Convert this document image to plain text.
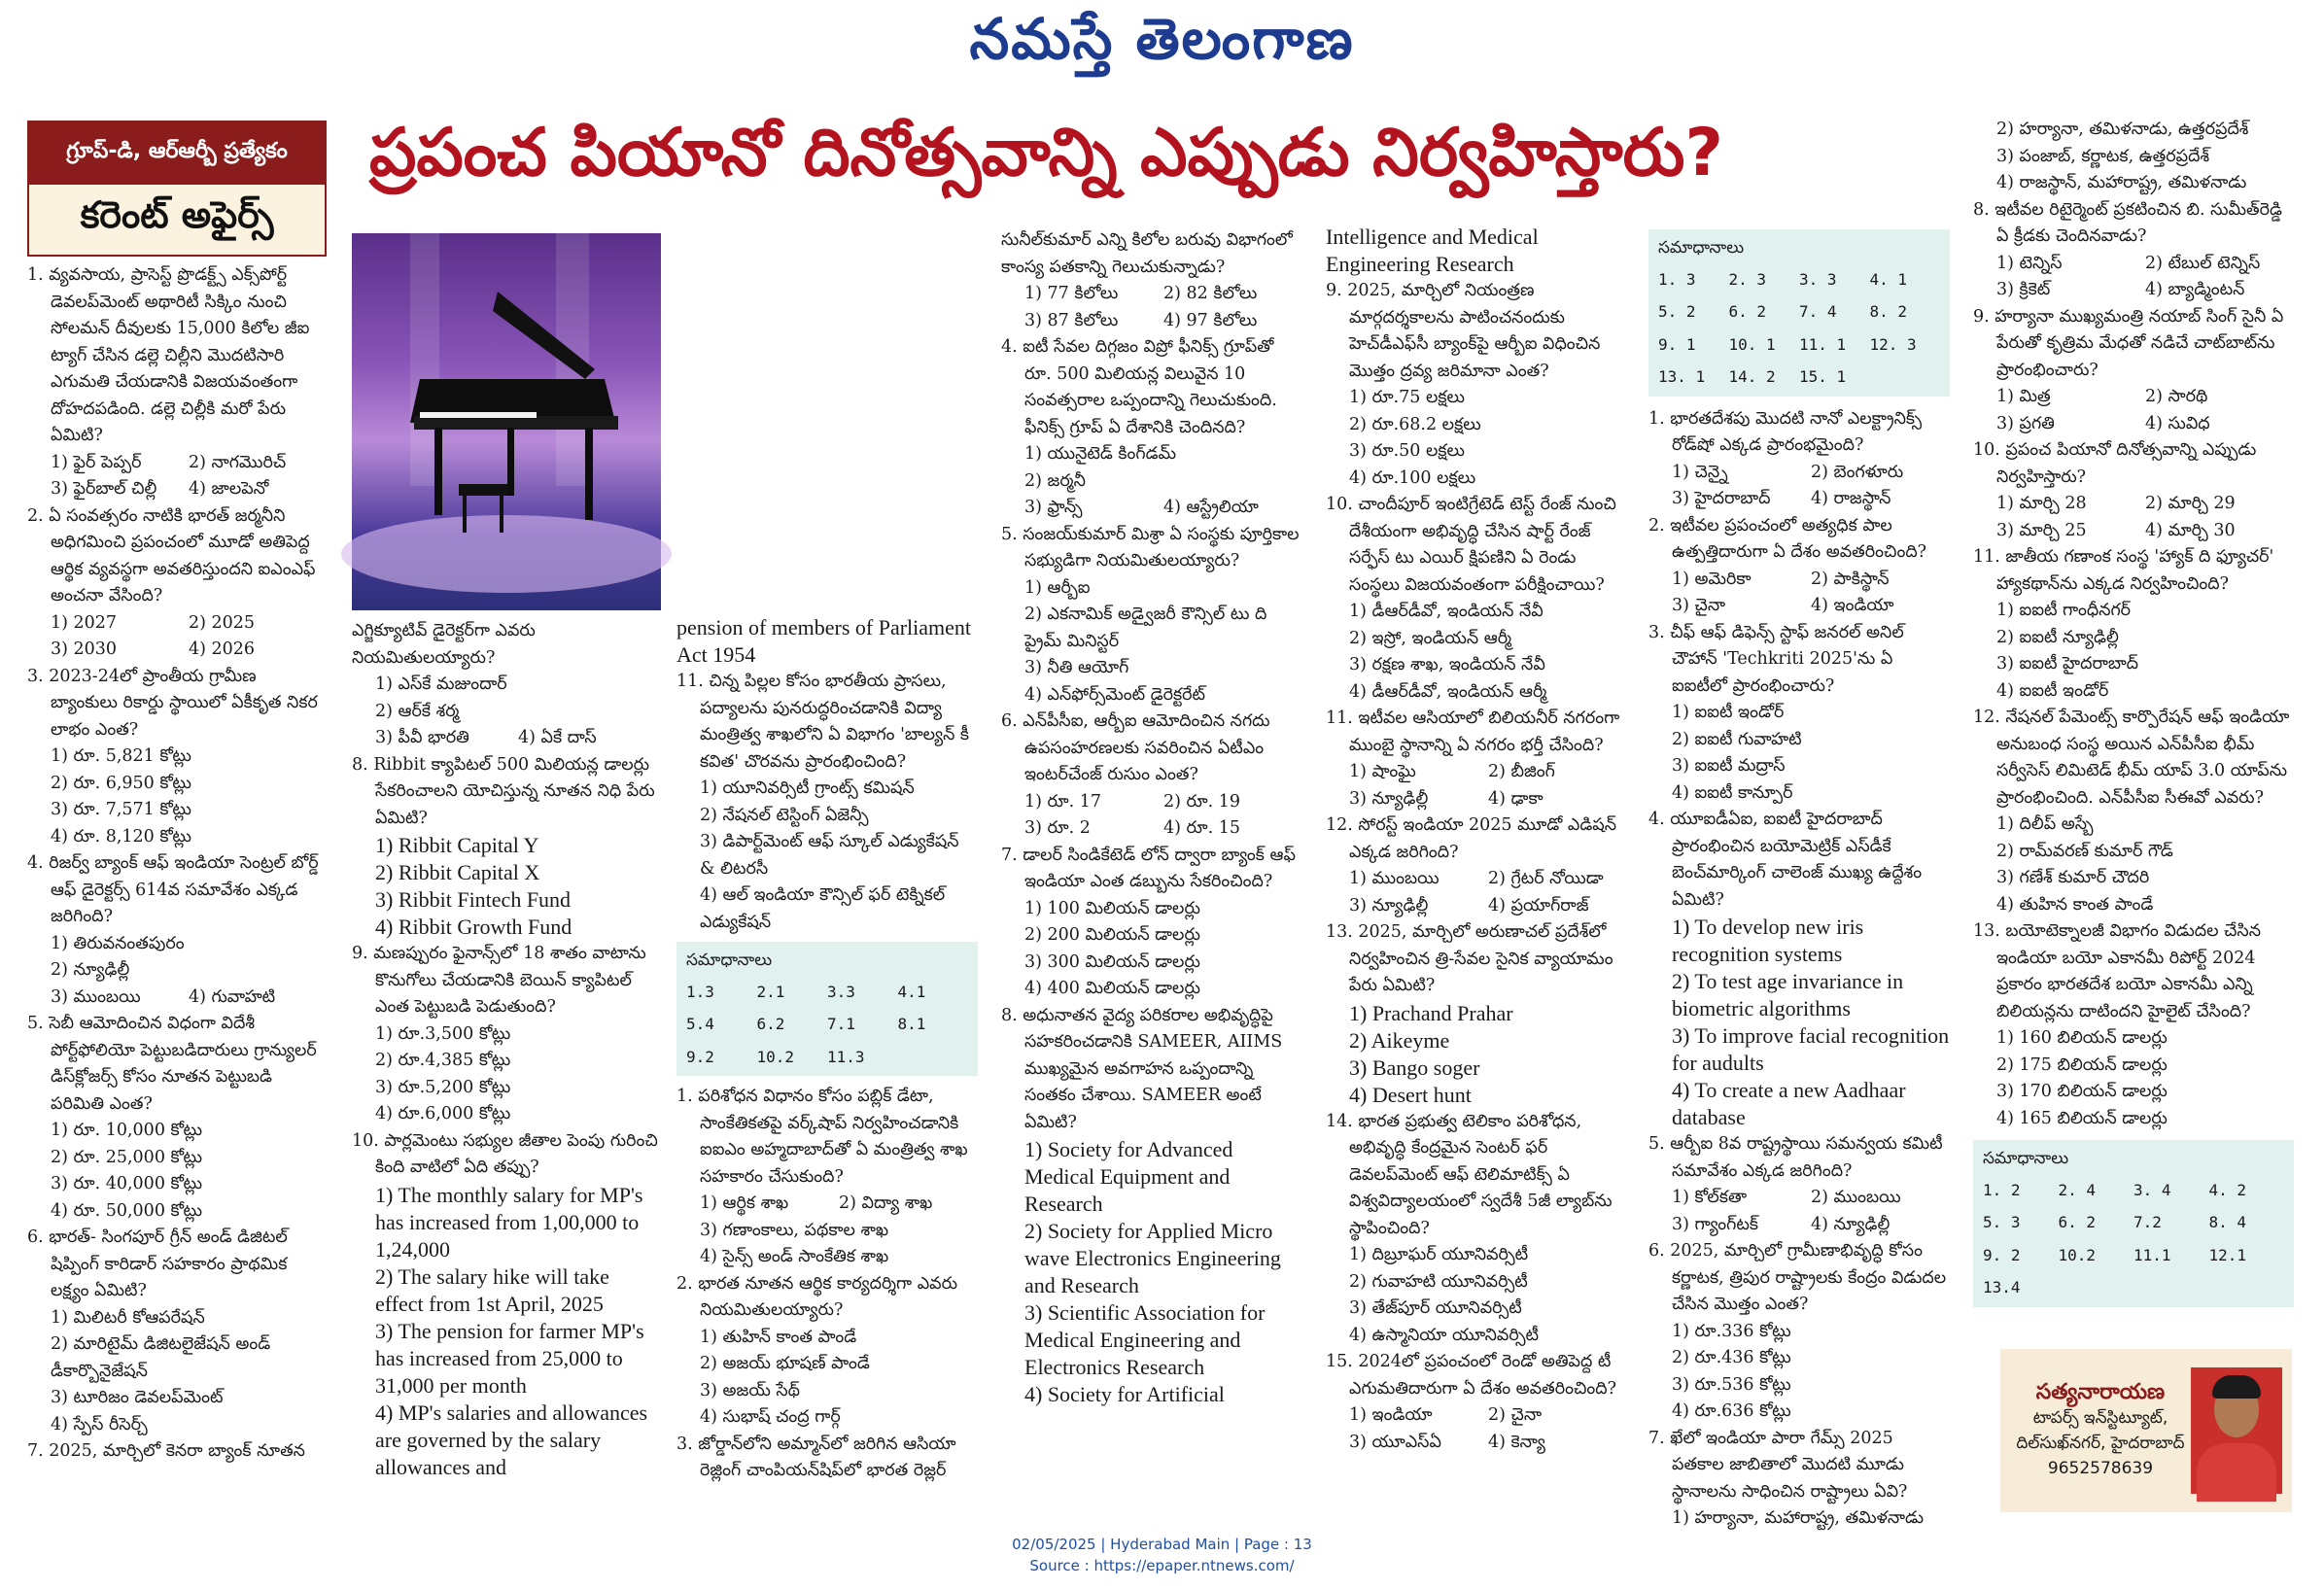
నమస్తే తెలంగాణ
గ్రూప్-డి, ఆర్ఆర్బీ ప్రత్యేకం
కరెంట్ అఫైర్స్
ప్రపంచ పియానో దినోత్సవాన్ని ఎప్పుడు నిర్వహిస్తారు?

1. వ్యవసాయ, ప్రాసెస్ట్ ప్రొడక్ట్స్ ఎక్స్‌పోర్ట్ డెవలప్‌మెంట్ అథారిటీ సిక్కిం నుంచి సోలమన్ దీవులకు 15,000 కిలోల జీఐ ట్యాగ్ చేసిన డల్లె చిల్లీని మొదటిసారి ఎగుమతి చేయడానికి విజయవంతంగా దోహదపడింది. డల్లె చిల్లీకి మరో పేరు ఏమిటి?

1) ఫైర్ పెప్పర్	2) నాగమొరిచ్
3) ఫైర్‌బాల్ చిల్లీ	4) జాలపెనో

2. ఏ సంవత్సరం నాటికి భారత్ జర్మనీని అధిగమించి ప్రపంచంలో మూడో అతిపెద్ద ఆర్థిక వ్యవస్థగా అవతరిస్తుందని ఐఎంఎఫ్ అంచనా వేసింది?

1) 2027	2) 2025
3) 2030	4) 2026

3. 2023-24లో ప్రాంతీయ గ్రామీణ బ్యాంకులు రికార్డు స్థాయిలో ఏకీకృత నికర లాభం ఎంత?

1) రూ. 5,821 కోట్లు

2) రూ. 6,950 కోట్లు

3) రూ. 7,571 కోట్లు

4) రూ. 8,120 కోట్లు

4. రిజర్వ్ బ్యాంక్ ఆఫ్ ఇండియా సెంట్రల్ బోర్డ్ ఆఫ్ డైరెక్టర్స్ 614వ సమావేశం ఎక్కడ జరిగింది?

1) తిరువనంతపురం

2) న్యూఢిల్లీ

3) ముంబయి	4) గువాహటి

5. సెబీ ఆమోదించిన విధంగా విదేశీ పోర్ట్‌ఫోలియో పెట్టుబడిదారులు గ్రాన్యులర్ డిస్‌క్లోజర్స్ కోసం నూతన పెట్టుబడి పరిమితి ఎంత?

1) రూ. 10,000 కోట్లు

2) రూ. 25,000 కోట్లు

3) రూ. 40,000 కోట్లు

4) రూ. 50,000 కోట్లు

6. భారత్- సింగపూర్ గ్రీన్ అండ్ డిజిటల్ షిప్పింగ్ కారిడార్ సహకారం ప్రాథమిక లక్ష్యం ఏమిటి?

1) మిలిటరీ కోఆపరేషన్

2) మారిటైమ్ డిజిటలైజేషన్ అండ్ డీకార్బొనైజేషన్

3) టూరిజం డెవలప్‌మెంట్

4) స్పేస్ రీసెర్చ్

7. 2025, మార్చిలో కెనరా బ్యాంక్ నూతన

ఎగ్జిక్యూటివ్ డైరెక్టర్‌గా ఎవరు నియమితులయ్యారు?

1) ఎస్‌కే మజుందార్

2) ఆర్‌కే శర్మ

3) పీవీ భారతి	4) ఏకే దాస్

8. Ribbit క్యాపిటల్ 500 మిలియన్ల డాలర్లు సేకరించాలని యోచిస్తున్న నూతన నిధి పేరు ఏమిటి?

1) Ribbit Capital Y

2) Ribbit Capital X

3) Ribbit Fintech Fund

4) Ribbit Growth Fund

9. మణప్పురం ఫైనాన్స్‌లో 18 శాతం వాటాను కొనుగోలు చేయడానికి బెయిన్ క్యాపిటల్ ఎంత పెట్టుబడి పెడుతుంది?

1) రూ.3,500 కోట్లు

2) రూ.4,385 కోట్లు

3) రూ.5,200 కోట్లు

4) రూ.6,000 కోట్లు

10. పార్లమెంటు సభ్యుల జీతాల పెంపు గురించి కింది వాటిలో ఏది తప్పు?

1) The monthly salary for MP's has increased from 1,00,000 to 1,24,000

2) The salary hike will take effect from 1st April, 2025

3) The pension for farmer MP's has increased from 25,000 to 31,000 per month

4) MP's salaries and allowances are governed by the salary allowances and

pension of members of Parliament Act 1954

11. చిన్న పిల్లల కోసం భారతీయ ప్రాసలు, పద్యాలను పునరుద్ధరించడానికి విద్యా మంత్రిత్వ శాఖలోని ఏ విభాగం 'బాల్యన్ కీ కవిత' చొరవను ప్రారంభించింది?

1) యూనివర్సిటీ గ్రాంట్స్ కమిషన్

2) నేషనల్ టెస్టింగ్ ఏజెన్సీ

3) డిపార్ట్‌మెంట్ ఆఫ్ స్కూల్ ఎడ్యుకేషన్ & లిటరసీ

4) ఆల్ ఇండియా కౌన్సిల్ ఫర్ టెక్నికల్ ఎడ్యుకేషన్

సమాధానాలు
1.3	2.1	3.3	4.1
5.4	6.2	7.1	8.1
9.2	10.2	11.3

1. పరిశోధన విధానం కోసం పబ్లిక్ డేటా, సాంకేతికతపై వర్క్‌షాప్ నిర్వహించడానికి ఐఐఎం అహ్మదాబాద్‌తో ఏ మంత్రిత్వ శాఖ సహకారం చేసుకుంది?

1) ఆర్థిక శాఖ	2) విద్యా శాఖ

3) గణాంకాలు, పథకాల శాఖ

4) సైన్స్ అండ్ సాంకేతిక శాఖ

2. భారత నూతన ఆర్థిక కార్యదర్శిగా ఎవరు నియమితులయ్యారు?

1) తుహిన్ కాంత పాండే

2) అజయ్ భూషణ్ పాండే

3) అజయ్ సేథ్

4) సుభాష్ చంద్ర గార్గ్

3. జోర్డాన్‌లోని అమ్మాన్‌లో జరిగిన ఆసియా రెజ్లింగ్ చాంపియన్‌షిప్‌లో భారత రెజ్లర్

సునీల్‌కుమార్ ఎన్ని కిలోల బరువు విభాగంలో కాంస్య పతకాన్ని గెలుచుకున్నాడు?

1) 77 కిలోలు	2) 82 కిలోలు
3) 87 కిలోలు	4) 97 కిలోలు

4. ఐటీ సేవల దిగ్గజం విప్రో ఫీనిక్స్ గ్రూప్‌తో రూ. 500 మిలియన్ల విలువైన 10 సంవత్సరాల ఒప్పందాన్ని గెలుచుకుంది. ఫీనిక్స్ గ్రూప్ ఏ దేశానికి చెందినది?

1) యునైటెడ్ కింగ్‌డమ్

2) జర్మనీ

3) ఫ్రాన్స్	4) ఆస్ట్రేలియా

5. సంజయ్‌కుమార్ మిశ్రా ఏ సంస్థకు పూర్తికాల సభ్యుడిగా నియమితులయ్యారు?

1) ఆర్బీఐ

2) ఎకనామిక్ అడ్వైజరీ కౌన్సిల్ టు ది ప్రైమ్ మినిస్టర్

3) నీతి ఆయోగ్

4) ఎన్‌ఫోర్స్‌మెంట్ డైరెక్టరేట్

6. ఎన్‌పీసీఐ, ఆర్బీఐ ఆమోదించిన నగదు ఉపసంహరణలకు సవరించిన ఏటీఎం ఇంటర్‌చేంజ్ రుసుం ఎంత?

1) రూ. 17	2) రూ. 19
3) రూ. 2	4) రూ. 15

7. డాలర్ సిండికేటెడ్ లోన్ ద్వారా బ్యాంక్ ఆఫ్ ఇండియా ఎంత డబ్బును సేకరించింది?

1) 100 మిలియన్ డాలర్లు

2) 200 మిలియన్ డాలర్లు

3) 300 మిలియన్ డాలర్లు

4) 400 మిలియన్ డాలర్లు

8. అధునాతన వైద్య పరికరాల అభివృద్ధిపై సహకరించడానికి SAMEER, AIIMS ముఖ్యమైన అవగాహన ఒప్పందాన్ని సంతకం చేశాయి. SAMEER అంటే ఏమిటి?

1) Society for Advanced Medical Equipment and Research

2) Society for Applied Micro wave Electronics Engineering and Research

3) Scientific Association for Medical Engineering and Electronics Research

4) Society for Artificial

Intelligence and Medical Engineering Research

9. 2025, మార్చిలో నియంత్రణ మార్గదర్శకాలను పాటించనందుకు హెచ్‌డీఎఫ్‌సీ బ్యాంక్‌పై ఆర్బీఐ విధించిన మొత్తం ద్రవ్య జరిమానా ఎంత?

1) రూ.75 లక్షలు

2) రూ.68.2 లక్షలు

3) రూ.50 లక్షలు

4) రూ.100 లక్షలు

10. చాందీపూర్ ఇంటిగ్రేటెడ్ టెస్ట్ రేంజ్ నుంచి దేశీయంగా అభివృద్ధి చేసిన షార్ట్ రేంజ్ సర్ఫేస్ టు ఎయిర్ క్షిపణిని ఏ రెండు సంస్థలు విజయవంతంగా పరీక్షించాయి?

1) డీఆర్‌డీవో, ఇండియన్ నేవీ

2) ఇస్రో, ఇండియన్ ఆర్మీ

3) రక్షణ శాఖ, ఇండియన్ నేవీ

4) డీఆర్‌డీవో, ఇండియన్ ఆర్మీ

11. ఇటీవల ఆసియాలో బిలియనీర్ నగరంగా ముంబై స్థానాన్ని ఏ నగరం భర్తీ చేసింది?

1) షాంఘై	2) బీజింగ్
3) న్యూఢిల్లీ	4) ఢాకా

12. సోరస్ట్ ఇండియా 2025 మూడో ఎడిషన్ ఎక్కడ జరిగింది?

1) ముంబయి	2) గ్రేటర్ నోయిడా
3) న్యూఢిల్లీ	4) ప్రయాగ్‌రాజ్

13. 2025, మార్చిలో అరుణాచల్ ప్రదేశ్‌లో నిర్వహించిన త్రి-సేవల సైనిక వ్యాయామం పేరు ఏమిటి?

1) Prachand Prahar

2) Aikeyme

3) Bango soger

4) Desert hunt

14. భారత ప్రభుత్వ టెలికాం పరిశోధన, అభివృద్ధి కేంద్రమైన సెంటర్ ఫర్ డెవలప్‌మెంట్ ఆఫ్ టెలిమాటిక్స్ ఏ విశ్వవిద్యాలయంలో స్వదేశీ 5జీ ల్యాబ్‌ను స్థాపించింది?

1) దిబ్రూఘర్ యూనివర్సిటీ

2) గువాహటి యూనివర్సిటీ

3) తేజ్‌పూర్ యూనివర్సిటీ

4) ఉస్మానియా యూనివర్సిటీ

15. 2024లో ప్రపంచంలో రెండో అతిపెద్ద టీ ఎగుమతిదారుగా ఏ దేశం అవతరించింది?

1) ఇండియా	2) చైనా
3) యూఎస్ఏ	4) కెన్యా
సమాధానాలు
1. 3	2. 3	3. 3	4. 1
5. 2	6. 2	7. 4	8. 2
9. 1	10. 1	11. 1	12. 3
13. 1	14. 2	15. 1

1. భారతదేశపు మొదటి నానో ఎలక్ట్రానిక్స్ రోడ్‌షో ఎక్కడ ప్రారంభమైంది?

1) చెన్నై	2) బెంగళూరు
3) హైదరాబాద్	4) రాజస్థాన్

2. ఇటీవల ప్రపంచంలో అత్యధిక పాల ఉత్పత్తిదారుగా ఏ దేశం అవతరించింది?

1) అమెరికా	2) పాకిస్థాన్
3) చైనా	4) ఇండియా

3. చీఫ్ ఆఫ్ డిఫెన్స్ స్టాఫ్ జనరల్ అనిల్ చౌహాన్ 'Techkriti 2025'ను ఏ ఐఐటీలో ప్రారంభించారు?

1) ఐఐటీ ఇండోర్

2) ఐఐటీ గువాహటి

3) ఐఐటీ మద్రాస్

4) ఐఐటీ కాన్పూర్

4. యూఐడీఏఐ, ఐఐటీ హైదరాబాద్ ప్రారంభించిన బయోమెట్రిక్ ఎస్‌డీకే బెంచ్‌మార్కింగ్ చాలెంజ్ ముఖ్య ఉద్దేశం ఏమిటి?

1) To develop new iris recognition systems

2) To test age invariance in biometric algorithms

3) To improve facial recognition for audults

4) To create a new Aadhaar database

5. ఆర్బీఐ 8వ రాష్ట్రస్థాయి సమన్వయ కమిటీ సమావేశం ఎక్కడ జరిగింది?

1) కోల్‌కతా	2) ముంబయి
3) గ్యాంగ్‌టక్	4) న్యూఢిల్లీ

6. 2025, మార్చిలో గ్రామీణాభివృద్ధి కోసం కర్ణాటక, త్రిపుర రాష్ట్రాలకు కేంద్రం విడుదల చేసిన మొత్తం ఎంత?

1) రూ.336 కోట్లు

2) రూ.436 కోట్లు

3) రూ.536 కోట్లు

4) రూ.636 కోట్లు

7. ఖేలో ఇండియా పారా గేమ్స్ 2025 పతకాల జాబితాలో మొదటి మూడు స్థానాలను సాధించిన రాష్ట్రాలు ఏవి?

1) హర్యానా, మహారాష్ట్ర, తమిళనాడు

2) హర్యానా, తమిళనాడు, ఉత్తరప్రదేశ్

3) పంజాబ్, కర్ణాటక, ఉత్తరప్రదేశ్

4) రాజస్థాన్, మహారాష్ట్ర, తమిళనాడు

8. ఇటీవల రిటైర్మెంట్ ప్రకటించిన బి. సుమీత్‌రెడ్డి ఏ క్రీడకు చెందినవాడు?

1) టెన్నిస్	2) టేబుల్ టెన్నిస్
3) క్రికెట్	4) బ్యాడ్మింటన్

9. హర్యానా ముఖ్యమంత్రి నయాబ్ సింగ్ సైనీ ఏ పేరుతో కృత్రిమ మేధతో నడిచే చాట్‌బాట్‌ను ప్రారంభించారు?

1) మిత్ర	2) సారథి
3) ప్రగతి	4) సువిధ

10. ప్రపంచ పియానో దినోత్సవాన్ని ఎప్పుడు నిర్వహిస్తారు?

1) మార్చి 28	2) మార్చి 29
3) మార్చి 25	4) మార్చి 30

11. జాతీయ గణాంక సంస్థ 'హ్యాక్ ది ఫ్యూచర్' హ్యాకథాన్‌ను ఎక్కడ నిర్వహించింది?

1) ఐఐటీ గాంధీనగర్

2) ఐఐటీ న్యూఢిల్లీ

3) ఐఐటీ హైదరాబాద్

4) ఐఐటీ ఇండోర్

12. నేషనల్ పేమెంట్స్ కార్పొరేషన్ ఆఫ్ ఇండియా అనుబంధ సంస్థ అయిన ఎన్‌పీసీఐ భీమ్ సర్వీసెస్ లిమిటెడ్ భీమ్ యాప్ 3.0 యాప్‌ను ప్రారంభించింది. ఎన్‌పీసీఐ సీఈవో ఎవరు?

1) దిలీప్ అస్బే

2) రామ్‌వరణ్ కుమార్ గౌడ్

3) గణేశ్ కుమార్ చౌదరి

4) తుహిన కాంత పాండే

13. బయోటెక్నాలజీ విభాగం విడుదల చేసిన ఇండియా బయో ఎకానమీ రిపోర్ట్ 2024 ప్రకారం భారతదేశ బయో ఎకానమీ ఎన్ని బిలియన్లను దాటిందని హైలైట్ చేసింది?

1) 160 బిలియన్ డాలర్లు

2) 175 బిలియన్ డాలర్లు

3) 170 బిలియన్ డాలర్లు

4) 165 బిలియన్ డాలర్లు

సమాధానాలు
1. 2	2. 4	3. 4	4. 2
5. 3	6. 2	7.2	8. 4
9. 2	10.2	11.1	12.1
13.4
సత్యనారాయణ
టాపర్స్ ఇన్‌స్టిట్యూట్,
దిల్‌సుఖ్‌నగర్, హైదరాబాద్
9652578639
02/05/2025 | Hyderabad Main | Page : 13
Source : https://epaper.ntnews.com/
